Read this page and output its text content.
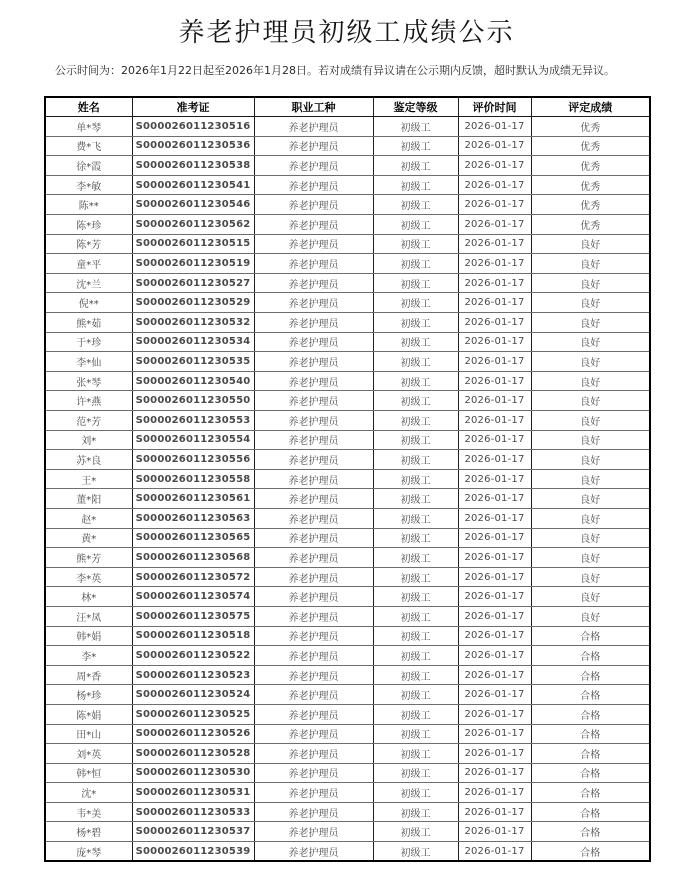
养老护理员初级工成绩公示

公示时间为：2026年1月22日起至2026年1月28日。若对成绩有异议请在公示期内反馈，超时默认为成绩无异议。

姓名	准考证	职业工种	鉴定等级	评价时间	评定成绩
单*琴	S000026011230516	养老护理员	初级工	2026-01-17	优秀
费*飞	S000026011230536	养老护理员	初级工	2026-01-17	优秀
徐*霞	S000026011230538	养老护理员	初级工	2026-01-17	优秀
李*敏	S000026011230541	养老护理员	初级工	2026-01-17	优秀
陈**	S000026011230546	养老护理员	初级工	2026-01-17	优秀
陈*珍	S000026011230562	养老护理员	初级工	2026-01-17	优秀
陈*芳	S000026011230515	养老护理员	初级工	2026-01-17	良好
童*平	S000026011230519	养老护理员	初级工	2026-01-17	良好
沈*兰	S000026011230527	养老护理员	初级工	2026-01-17	良好
倪**	S000026011230529	养老护理员	初级工	2026-01-17	良好
熊*茹	S000026011230532	养老护理员	初级工	2026-01-17	良好
于*珍	S000026011230534	养老护理员	初级工	2026-01-17	良好
李*仙	S000026011230535	养老护理员	初级工	2026-01-17	良好
张*琴	S000026011230540	养老护理员	初级工	2026-01-17	良好
许*燕	S000026011230550	养老护理员	初级工	2026-01-17	良好
范*芳	S000026011230553	养老护理员	初级工	2026-01-17	良好
刘*	S000026011230554	养老护理员	初级工	2026-01-17	良好
苏*良	S000026011230556	养老护理员	初级工	2026-01-17	良好
王*	S000026011230558	养老护理员	初级工	2026-01-17	良好
董*阳	S000026011230561	养老护理员	初级工	2026-01-17	良好
赵*	S000026011230563	养老护理员	初级工	2026-01-17	良好
黄*	S000026011230565	养老护理员	初级工	2026-01-17	良好
熊*芳	S000026011230568	养老护理员	初级工	2026-01-17	良好
李*英	S000026011230572	养老护理员	初级工	2026-01-17	良好
林*	S000026011230574	养老护理员	初级工	2026-01-17	良好
汪*凤	S000026011230575	养老护理员	初级工	2026-01-17	良好
韩*娟	S000026011230518	养老护理员	初级工	2026-01-17	合格
李*	S000026011230522	养老护理员	初级工	2026-01-17	合格
周*香	S000026011230523	养老护理员	初级工	2026-01-17	合格
杨*珍	S000026011230524	养老护理员	初级工	2026-01-17	合格
陈*娟	S000026011230525	养老护理员	初级工	2026-01-17	合格
田*山	S000026011230526	养老护理员	初级工	2026-01-17	合格
刘*英	S000026011230528	养老护理员	初级工	2026-01-17	合格
韩*恒	S000026011230530	养老护理员	初级工	2026-01-17	合格
沈*	S000026011230531	养老护理员	初级工	2026-01-17	合格
韦*美	S000026011230533	养老护理员	初级工	2026-01-17	合格
杨*碧	S000026011230537	养老护理员	初级工	2026-01-17	合格
庞*琴	S000026011230539	养老护理员	初级工	2026-01-17	合格
